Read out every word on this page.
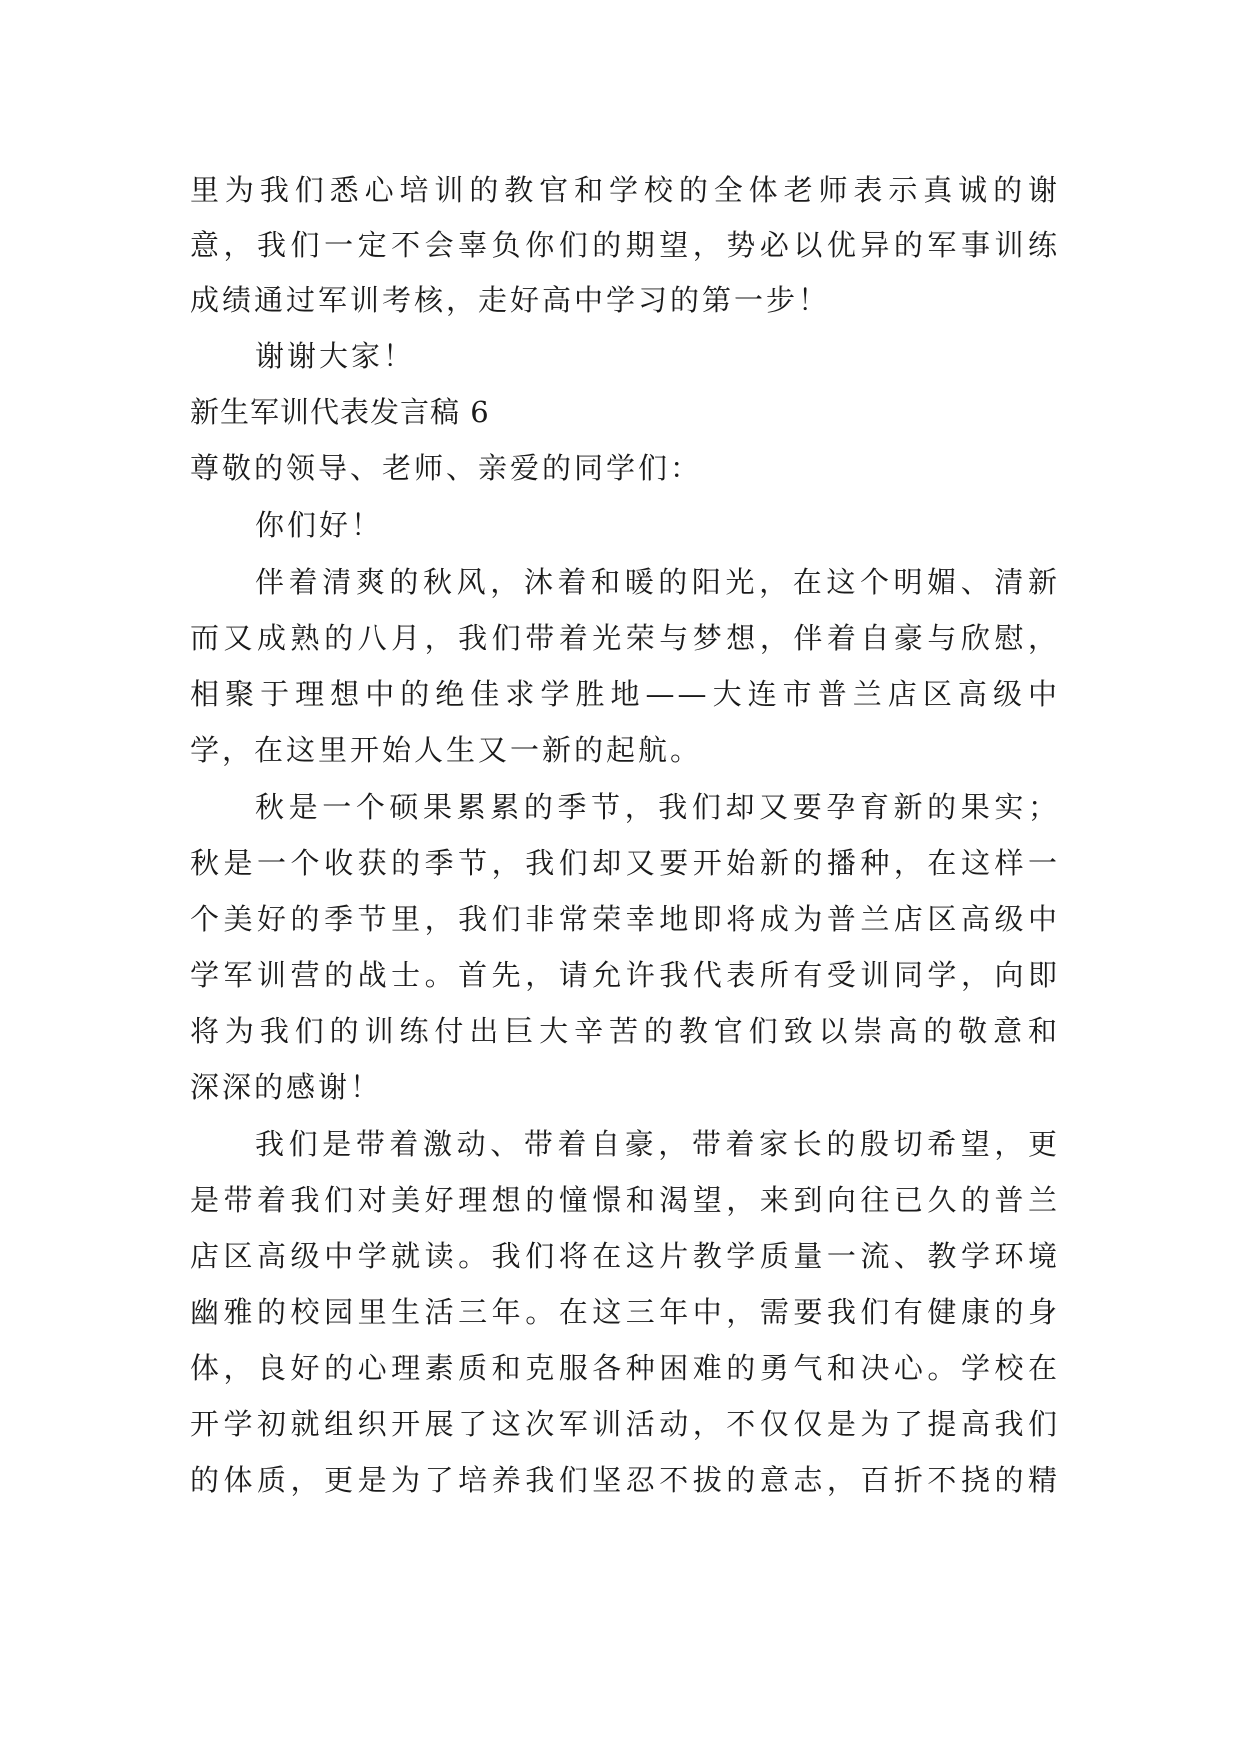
里为我们悉心培训的教官和学校的全体老师表示真诚的谢
意，我们一定不会辜负你们的期望，势必以优异的军事训练
成绩通过军训考核，走好高中学习的第一步！
谢谢大家！
新生军训代表发言稿 6
尊敬的领导、老师、亲爱的同学们：
你们好！
伴着清爽的秋风，沐着和暖的阳光，在这个明媚、清新
而又成熟的八月，我们带着光荣与梦想，伴着自豪与欣慰，
相聚于理想中的绝佳求学胜地——大连市普兰店区高级中
学，在这里开始人生又一新的起航。
秋是一个硕果累累的季节，我们却又要孕育新的果实；
秋是一个收获的季节，我们却又要开始新的播种，在这样一
个美好的季节里，我们非常荣幸地即将成为普兰店区高级中
学军训营的战士。首先，请允许我代表所有受训同学，向即
将为我们的训练付出巨大辛苦的教官们致以崇高的敬意和
深深的感谢！
我们是带着激动、带着自豪，带着家长的殷切希望，更
是带着我们对美好理想的憧憬和渴望，来到向往已久的普兰
店区高级中学就读。我们将在这片教学质量一流、教学环境
幽雅的校园里生活三年。在这三年中，需要我们有健康的身
体，良好的心理素质和克服各种困难的勇气和决心。学校在
开学初就组织开展了这次军训活动，不仅仅是为了提高我们
的体质，更是为了培养我们坚忍不拔的意志，百折不挠的精
